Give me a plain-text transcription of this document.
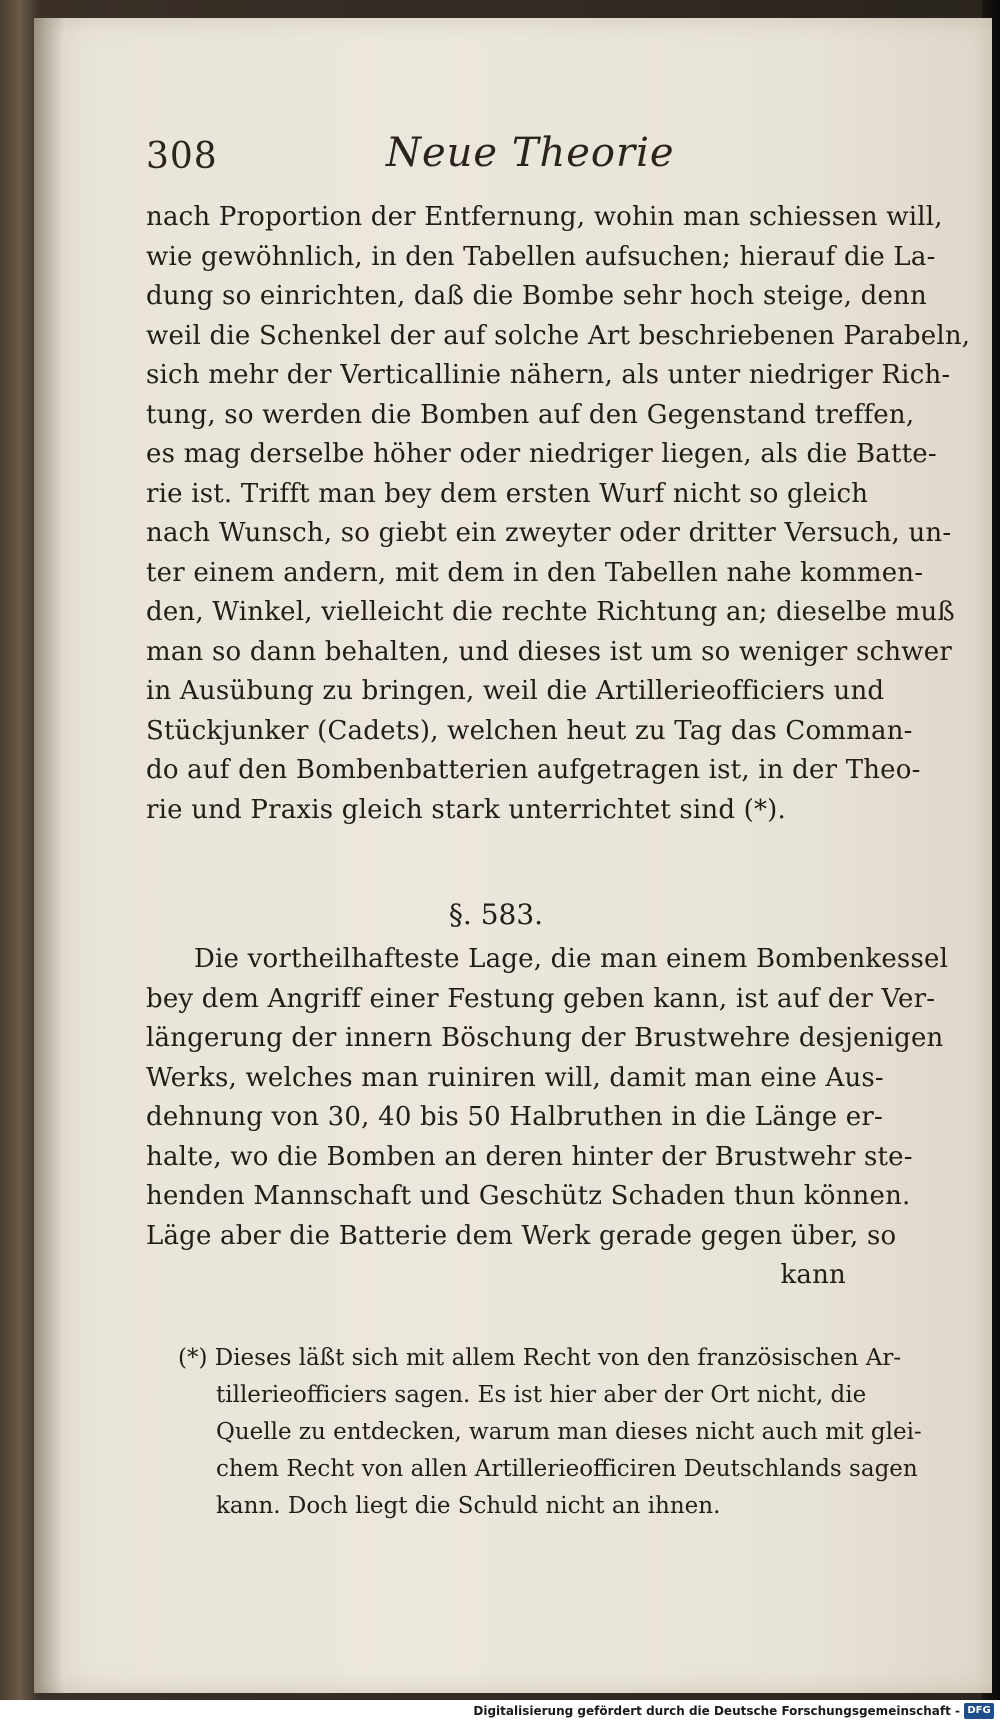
308	Neue Theorie
nach Proportion der Entfernung, wohin man schiessen will,
wie gewöhnlich, in den Tabellen aufsuchen; hierauf die La-
dung so einrichten, daß die Bombe sehr hoch steige, denn
weil die Schenkel der auf solche Art beschriebenen Parabeln,
sich mehr der Verticallinie nähern, als unter niedriger Rich-
tung, so werden die Bomben auf den Gegenstand treffen,
es mag derselbe höher oder niedriger liegen, als die Batte-
rie ist. Trifft man bey dem ersten Wurf nicht so gleich
nach Wunsch, so giebt ein zweyter oder dritter Versuch, un-
ter einem andern, mit dem in den Tabellen nahe kommen-
den, Winkel, vielleicht die rechte Richtung an; dieselbe muß
man so dann behalten, und dieses ist um so weniger schwer
in Ausübung zu bringen, weil die Artillerieofficiers und
Stückjunker (Cadets), welchen heut zu Tag das Comman-
do auf den Bombenbatterien aufgetragen ist, in der Theo-
rie und Praxis gleich stark unterrichtet sind (*).
§. 583.
Die vortheilhafteste Lage, die man einem Bombenkessel
bey dem Angriff einer Festung geben kann, ist auf der Ver-
längerung der innern Böschung der Brustwehre desjenigen
Werks, welches man ruiniren will, damit man eine Aus-
dehnung von 30, 40 bis 50 Halbruthen in die Länge er-
halte, wo die Bomben an deren hinter der Brustwehr ste-
henden Mannschaft und Geschütz Schaden thun können.
Läge aber die Batterie dem Werk gerade gegen über, so
kann
(*) Dieses läßt sich mit allem Recht von den französischen Ar-
tillerieofficiers sagen. Es ist hier aber der Ort nicht, die
Quelle zu entdecken, warum man dieses nicht auch mit glei-
chem Recht von allen Artillerieofficiren Deutschlands sagen
kann. Doch liegt die Schuld nicht an ihnen.
Digitalisierung gefördert durch die Deutsche Forschungsgemeinschaft - DFG
